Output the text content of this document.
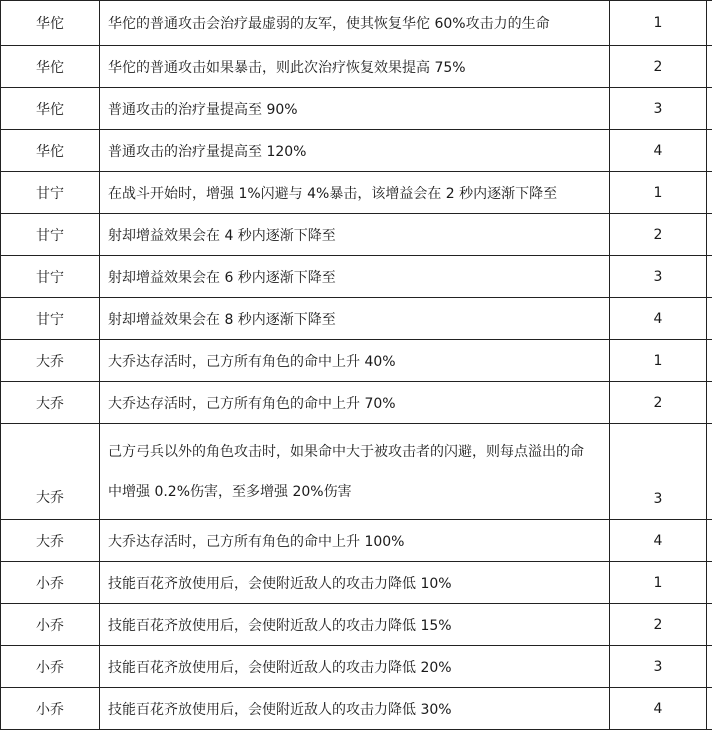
华佗	华佗的普通攻击会治疗最虚弱的友军，使其恢复华佗 60%攻击力的生命	1	
华佗	华佗的普通攻击如果暴击，则此次治疗恢复效果提高 75%	2	
华佗	普通攻击的治疗量提高至 90%	3	
华佗	普通攻击的治疗量提高至 120%	4	
甘宁	在战斗开始时，增强 1%闪避与 4%暴击，该增益会在 2 秒内逐渐下降至	1	
甘宁	射却增益效果会在 4 秒内逐渐下降至	2	
甘宁	射却增益效果会在 6 秒内逐渐下降至	3	
甘宁	射却增益效果会在 8 秒内逐渐下降至	4	
大乔	大乔达存活时，己方所有角色的命中上升 40%	1	
大乔	大乔达存活时，己方所有角色的命中上升 70%	2	
大乔	己方弓兵以外的角色攻击时，如果命中大于被攻击者的闪避，则每点溢出的命
中增强 0.2%伤害，至多增强 20%伤害	3	
大乔	大乔达存活时，己方所有角色的命中上升 100%	4	
小乔	技能百花齐放使用后，会使附近敌人的攻击力降低 10%	1	
小乔	技能百花齐放使用后，会使附近敌人的攻击力降低 15%	2	
小乔	技能百花齐放使用后，会使附近敌人的攻击力降低 20%	3	
小乔	技能百花齐放使用后，会使附近敌人的攻击力降低 30%	4	
